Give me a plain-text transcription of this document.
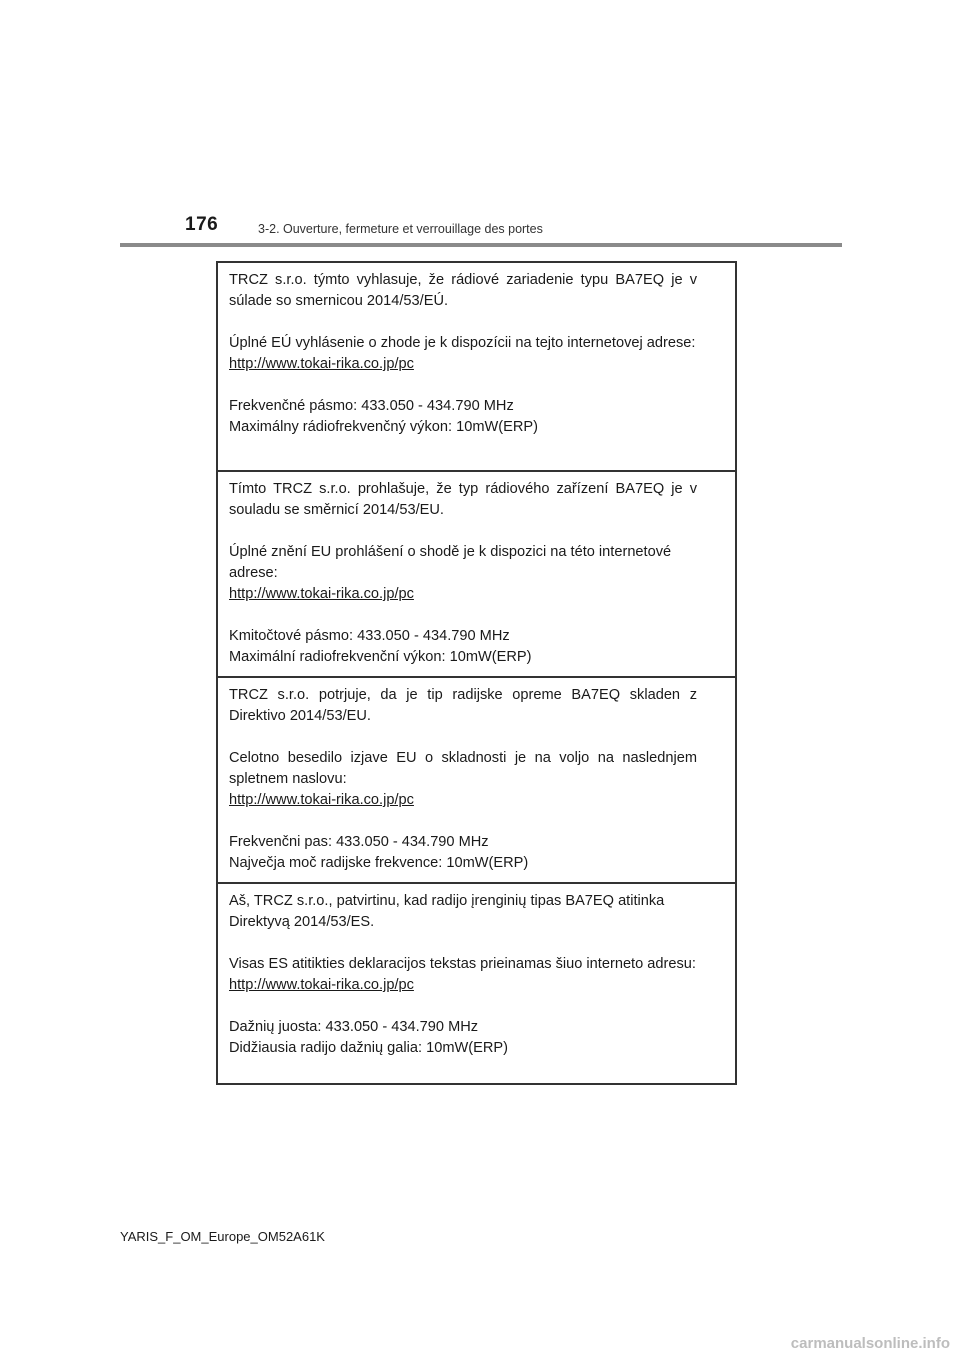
176	3-2. Ouverture, fermeture et verrouillage des portes

TRCZ s.r.o. týmto vyhlasuje, že rádiové zariadenie typu BA7EQ je v súlade so smernicou 2014/53/EÚ.

Úplné EÚ vyhlásenie o zhode je k dispozícii na tejto internetovej adrese:
http://www.tokai-rika.co.jp/pc

Frekvenčné pásmo: 433.050 - 434.790 MHz
Maximálny rádiofrekvenčný výkon: 10mW(ERP)

Tímto TRCZ s.r.o. prohlašuje, že typ rádiového zařízení BA7EQ je v souladu se směrnicí 2014/53/EU.

Úplné znění EU prohlášení o shodě je k dispozici na této internetové adrese:
http://www.tokai-rika.co.jp/pc

Kmitočtové pásmo: 433.050 - 434.790 MHz
Maximální radiofrekvenční výkon: 10mW(ERP)

TRCZ s.r.o. potrjuje, da je tip radijske opreme BA7EQ skladen z Direktivo 2014/53/EU.

Celotno besedilo izjave EU o skladnosti je na voljo na naslednjem spletnem naslovu:
http://www.tokai-rika.co.jp/pc

Frekvenčni pas: 433.050 - 434.790 MHz
Največja moč radijske frekvence: 10mW(ERP)

Aš, TRCZ s.r.o., patvirtinu, kad radijo įrenginių tipas BA7EQ atitinka Direktyvą 2014/53/ES.

Visas ES atitikties deklaracijos tekstas prieinamas šiuo interneto adresu:
http://www.tokai-rika.co.jp/pc

Dažnių juosta: 433.050 - 434.790 MHz
Didžiausia radijo dažnių galia: 10mW(ERP)

YARIS_F_OM_Europe_OM52A61K
carmanualsonline.info
